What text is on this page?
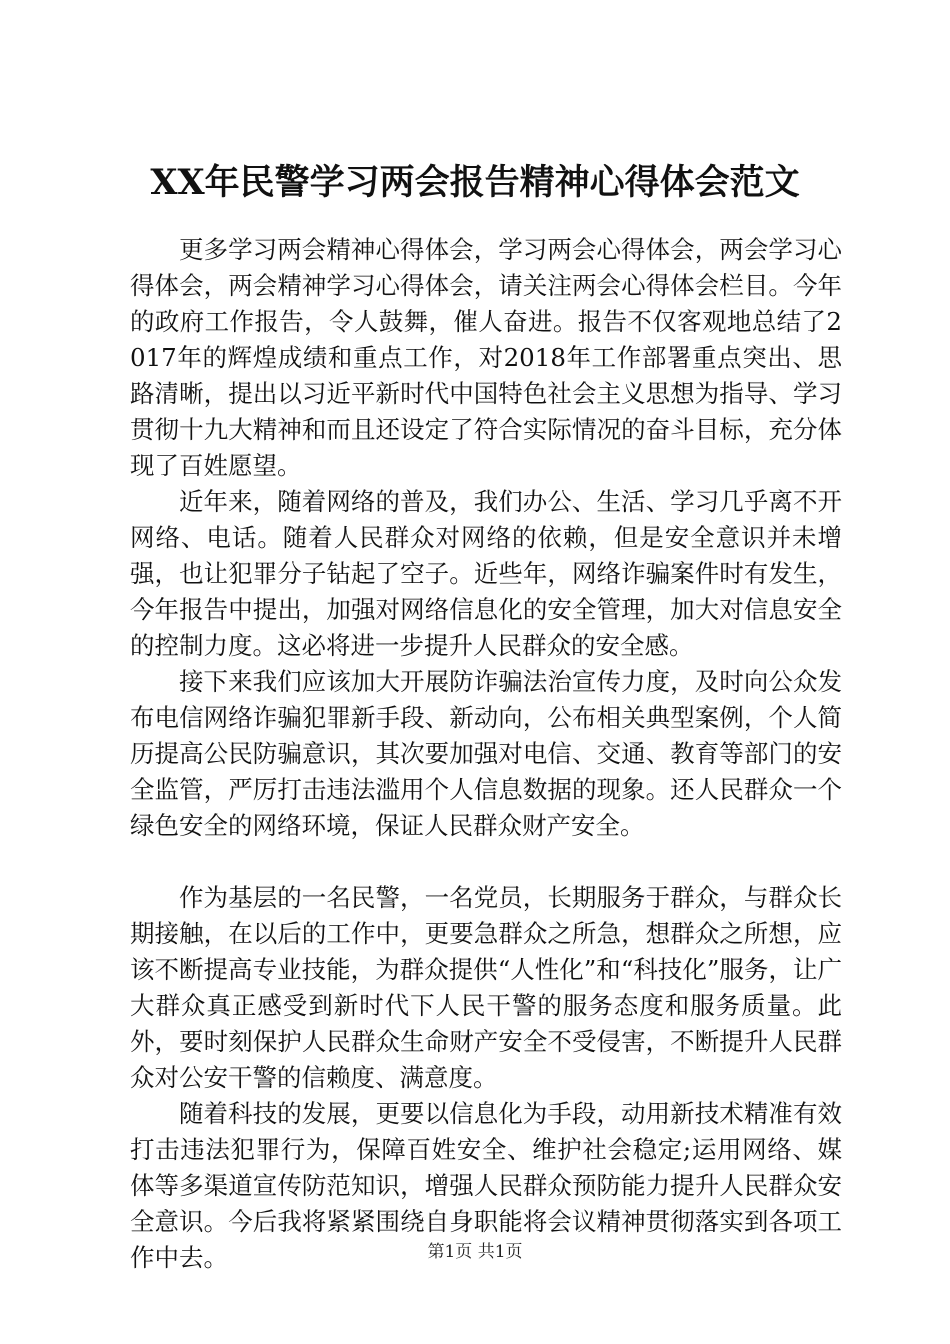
XX年民警学习两会报告精神心得体会范文

更多学习两会精神心得体会，学习两会心得体会，两会学习心得体会，两会精神学习心得体会，请关注两会心得体会栏目。今年的政府工作报告，令人鼓舞，催人奋进。报告不仅客观地总结了2017年的辉煌成绩和重点工作，对2018年工作部署重点突出、思路清晰，提出以习近平新时代中国特色社会主义思想为指导、学习贯彻十九大精神和而且还设定了符合实际情况的奋斗目标，充分体现了百姓愿望。

近年来，随着网络的普及，我们办公、生活、学习几乎离不开网络、电话。随着人民群众对网络的依赖，但是安全意识并未增强，也让犯罪分子钻起了空子。近些年，网络诈骗案件时有发生，今年报告中提出，加强对网络信息化的安全管理，加大对信息安全的控制力度。这必将进一步提升人民群众的安全感。

接下来我们应该加大开展防诈骗法治宣传力度，及时向公众发布电信网络诈骗犯罪新手段、新动向，公布相关典型案例，个人简历提高公民防骗意识，其次要加强对电信、交通、教育等部门的安全监管，严厉打击违法滥用个人信息数据的现象。还人民群众一个绿色安全的网络环境，保证人民群众财产安全。

作为基层的一名民警，一名党员，长期服务于群众，与群众长期接触，在以后的工作中，更要急群众之所急，想群众之所想，应该不断提高专业技能，为群众提供“人性化”和“科技化”服务，让广大群众真正感受到新时代下人民干警的服务态度和服务质量。此外，要时刻保护人民群众生命财产安全不受侵害，不断提升人民群众对公安干警的信赖度、满意度。

随着科技的发展，更要以信息化为手段，动用新技术精准有效打击违法犯罪行为，保障百姓安全、维护社会稳定;运用网络、媒体等多渠道宣传防范知识，增强人民群众预防能力提升人民群众安全意识。今后我将紧紧围绕自身职能将会议精神贯彻落实到各项工作中去。	第1页 共1页
